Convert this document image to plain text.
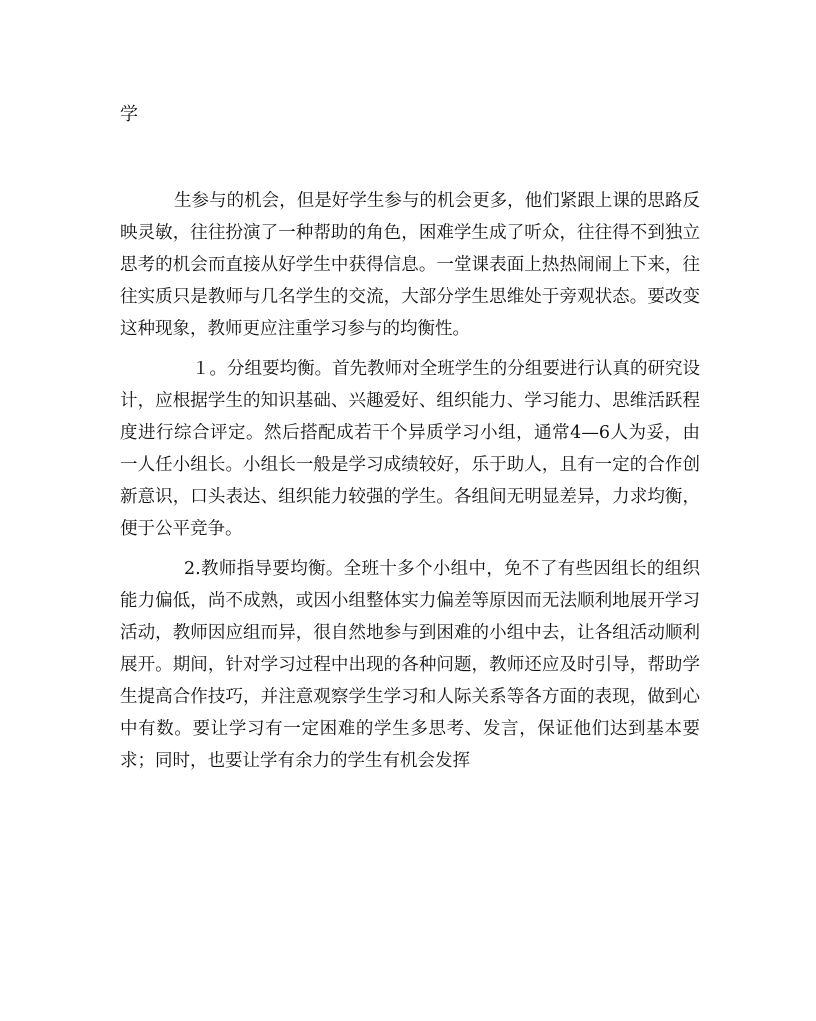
学

生参与的机会，但是好学生参与的机会更多，他们紧跟上课的思路反映灵敏，往往扮演了一种帮助的角色，困难学生成了听众，往往得不到独立思考的机会而直接从好学生中获得信息。一堂课表面上热热闹闹上下来，往往实质只是教师与几名学生的交流，大部分学生思维处于旁观状态。要改变这种现象，教师更应注重学习参与的均衡性。

１。分组要均衡。首先教师对全班学生的分组要进行认真的研究设计，应根据学生的知识基础、兴趣爱好、组织能力、学习能力、思维活跃程度进行综合评定。然后搭配成若干个异质学习小组，通常4—6人为妥，由一人任小组长。小组长一般是学习成绩较好，乐于助人，且有一定的合作创新意识，口头表达、组织能力较强的学生。各组间无明显差异，力求均衡，便于公平竞争。

2.教师指导要均衡。全班十多个小组中，免不了有些因组长的组织能力偏低，尚不成熟，或因小组整体实力偏差等原因而无法顺利地展开学习活动，教师因应组而异，很自然地参与到困难的小组中去，让各组活动顺利展开。期间，针对学习过程中出现的各种问题，教师还应及时引导，帮助学生提高合作技巧，并注意观察学生学习和人际关系等各方面的表现，做到心中有数。要让学习有一定困难的学生多思考、发言，保证他们达到基本要求；同时，也要让学有余力的学生有机会发挥
